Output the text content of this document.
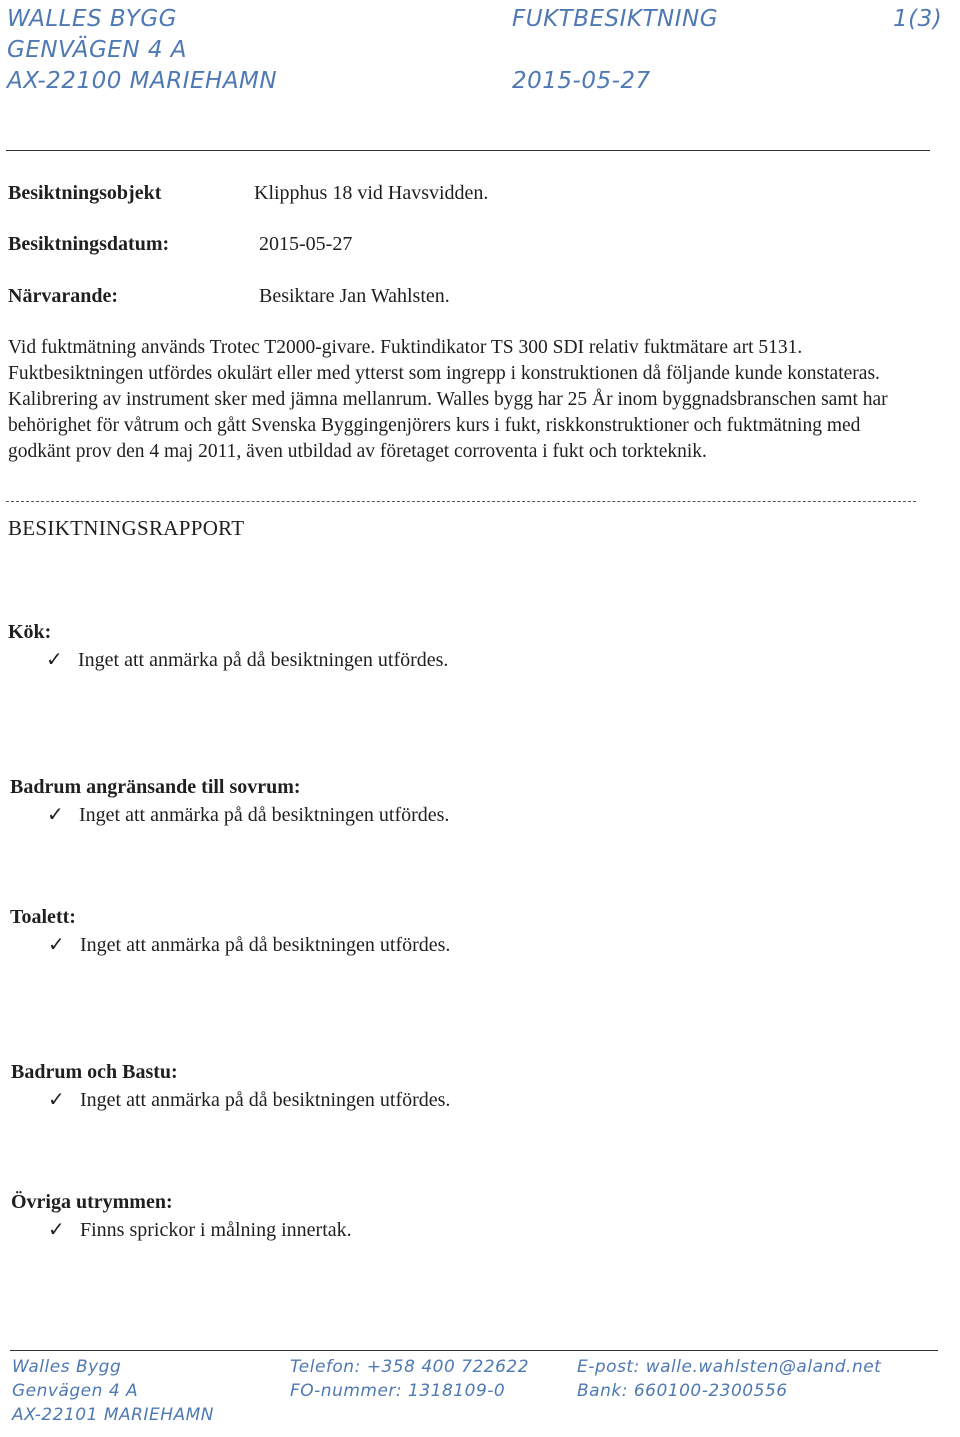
WALLES BYGG
GENVÄGEN 4 A
AX-22100 MARIEHAMN
FUKTBESIKTNING
2015-05-27
1(3)
Besiktningsobjekt	Klipphus 18 vid Havsvidden.
Besiktningsdatum:	2015-05-27
Närvarande:	Besiktare Jan Wahlsten.

Vid fuktmätning används Trotec T2000-givare. Fuktindikator TS 300 SDI relativ fuktmätare art 5131. Fuktbesiktningen utfördes okulärt eller med ytterst som ingrepp i konstruktionen då följande kunde konstateras. Kalibrering av instrument sker med jämna mellanrum. Walles bygg har 25 År inom byggnadsbranschen samt har behörighet för våtrum och gått Svenska Byggingenjörers kurs i fukt, riskkonstruktioner och fuktmätning med godkänt prov den 4 maj 2011, även utbildad av företaget corroventa i fukt och torkteknik.

BESIKTNINGSRAPPORT
Kök:
✓ Inget att anmärka på då besiktningen utfördes.
Badrum angränsande till sovrum:
✓ Inget att anmärka på då besiktningen utfördes.
Toalett:
✓ Inget att anmärka på då besiktningen utfördes.
Badrum och Bastu:
✓ Inget att anmärka på då besiktningen utfördes.
Övriga utrymmen:
✓ Finns sprickor i målning innertak.
Walles Bygg
Genvägen 4 A
AX-22101 MARIEHAMN
Telefon: +358 400 722622
FO-nummer: 1318109-0
E-post: walle.wahlsten@aland.net
Bank: 660100-2300556
